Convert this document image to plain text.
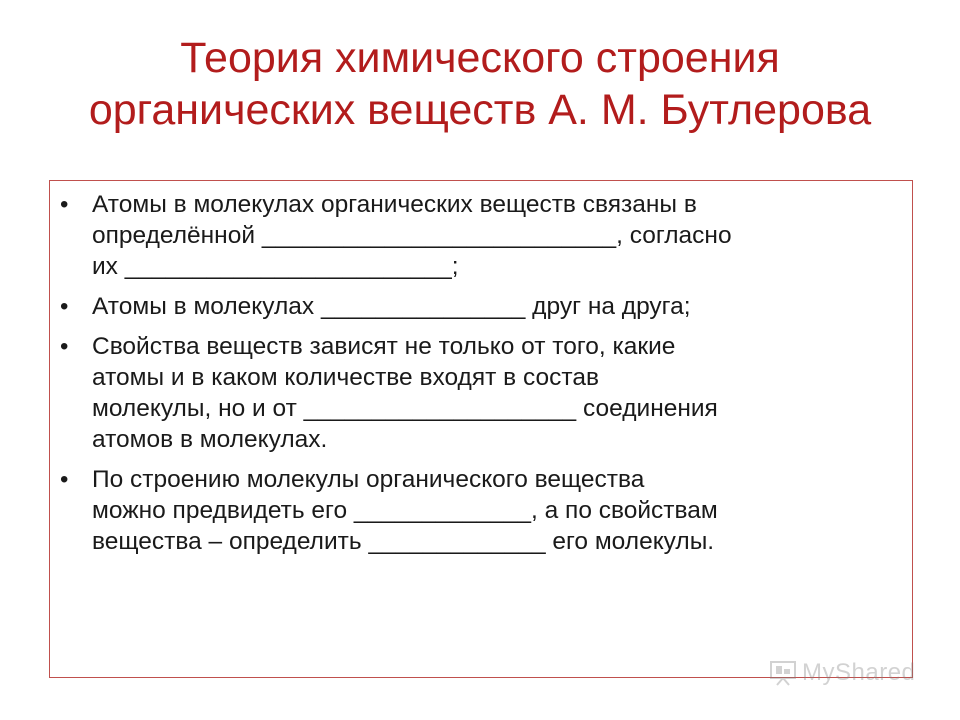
Теория химического строения
органических веществ А. М. Бутлерова
• Атомы в молекулах органических веществ связаны в
определённой __________________________, согласно
их ________________________;
• Атомы в молекулах _______________ друг на друга;
• Свойства веществ зависят не только от того, какие
атомы и в каком количестве входят в состав
молекулы, но и от ____________________ соединения
атомов в молекулах.
• По строению молекулы органического вещества
можно предвидеть его _____________, а по свойствам
вещества – определить _____________ его молекулы.
MyShared
